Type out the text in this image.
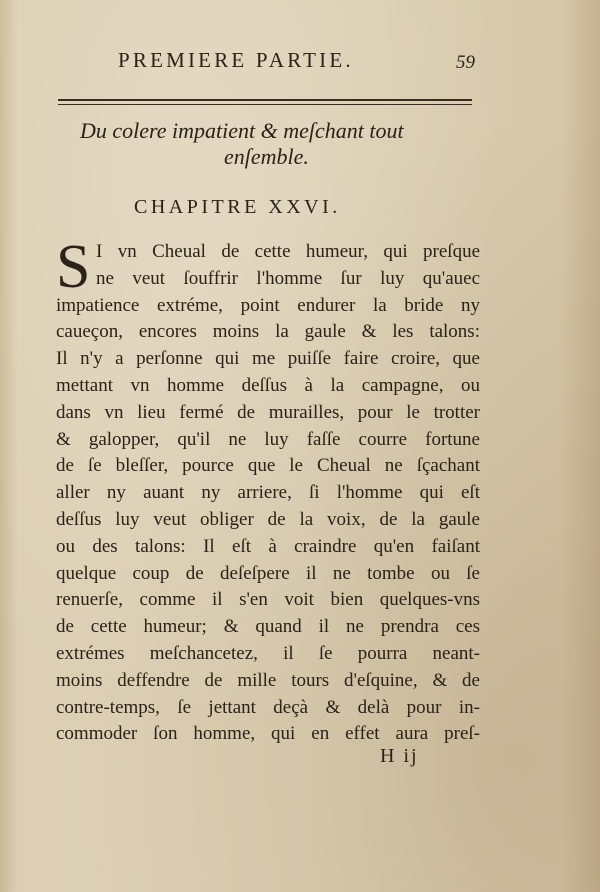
PREMIERE PARTIE.	59
Du colere impatient & meſchant tout
enſemble.
CHAPITRE XXVI.
S I vn Cheual de cette humeur, qui preſque
ne veut ſouffrir l'homme ſur luy qu'auec
impatience extréme, point endurer la bride ny
caueçon, encores moins la gaule & les talons:
Il n'y a perſonne qui me puiſſe faire croire, que
mettant vn homme deſſus à la campagne, ou
dans vn lieu fermé de murailles, pour le trotter
& galopper, qu'il ne luy faſſe courre fortune
de ſe bleſſer, pource que le Cheual ne ſçachant
aller ny auant ny arriere, ſi l'homme qui eſt
deſſus luy veut obliger de la voix, de la gaule
ou des talons: Il eſt à craindre qu'en faiſant
quelque coup de deſeſpere il ne tombe ou ſe
renuerſe, comme il s'en voit bien quelques-vns
de cette humeur; & quand il ne prendra ces
extrémes meſchancetez, il ſe pourra neant-
moins deffendre de mille tours d'eſquine, & de
contre-temps, ſe jettant deçà & delà pour in-
commoder ſon homme, qui en effet aura preſ-
H ij
